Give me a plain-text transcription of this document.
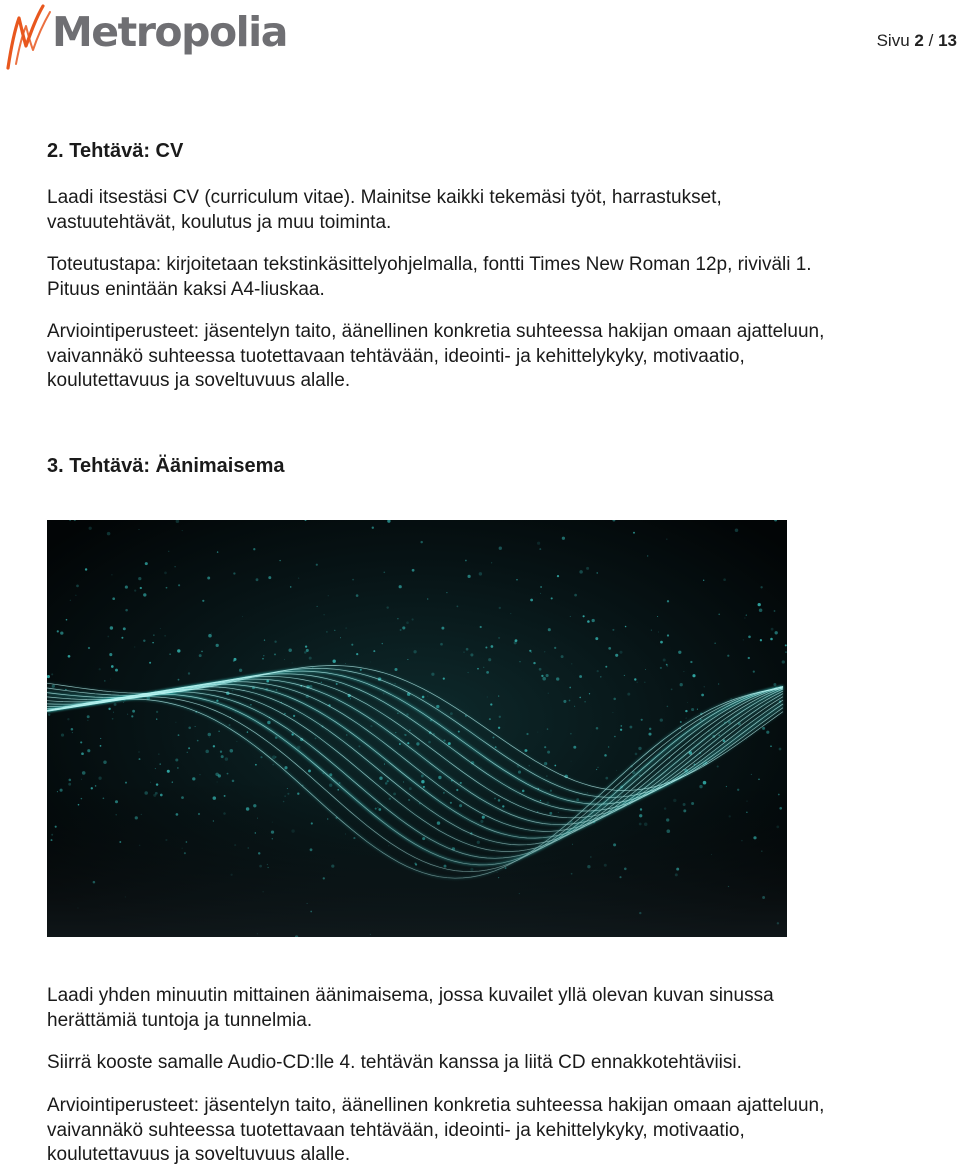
Metropolia	Sivu 2 / 13
2. Tehtävä: CV
Laadi itsestäsi CV (curriculum vitae). Mainitse kaikki tekemäsi työt, harrastukset,
vastuutehtävät, koulutus ja muu toiminta.
Toteutustapa: kirjoitetaan tekstinkäsittelyohjelmalla, fontti Times New Roman 12p, riviväli 1.
Pituus enintään kaksi A4-liuskaa.
Arviointiperusteet: jäsentelyn taito, äänellinen konkretia suhteessa hakijan omaan ajatteluun,
vaivannäkö suhteessa tuotettavaan tehtävään, ideointi- ja kehittelykyky, motivaatio,
koulutettavuus ja soveltuvuus alalle.
3. Tehtävä: Äänimaisema
Laadi yhden minuutin mittainen äänimaisema, jossa kuvailet yllä olevan kuvan sinussa
herättämiä tuntoja ja tunnelmia.
Siirrä kooste samalle Audio-CD:lle 4. tehtävän kanssa ja liitä CD ennakkotehtäviisi.
Arviointiperusteet: jäsentelyn taito, äänellinen konkretia suhteessa hakijan omaan ajatteluun,
vaivannäkö suhteessa tuotettavaan tehtävään, ideointi- ja kehittelykyky, motivaatio,
koulutettavuus ja soveltuvuus alalle.
